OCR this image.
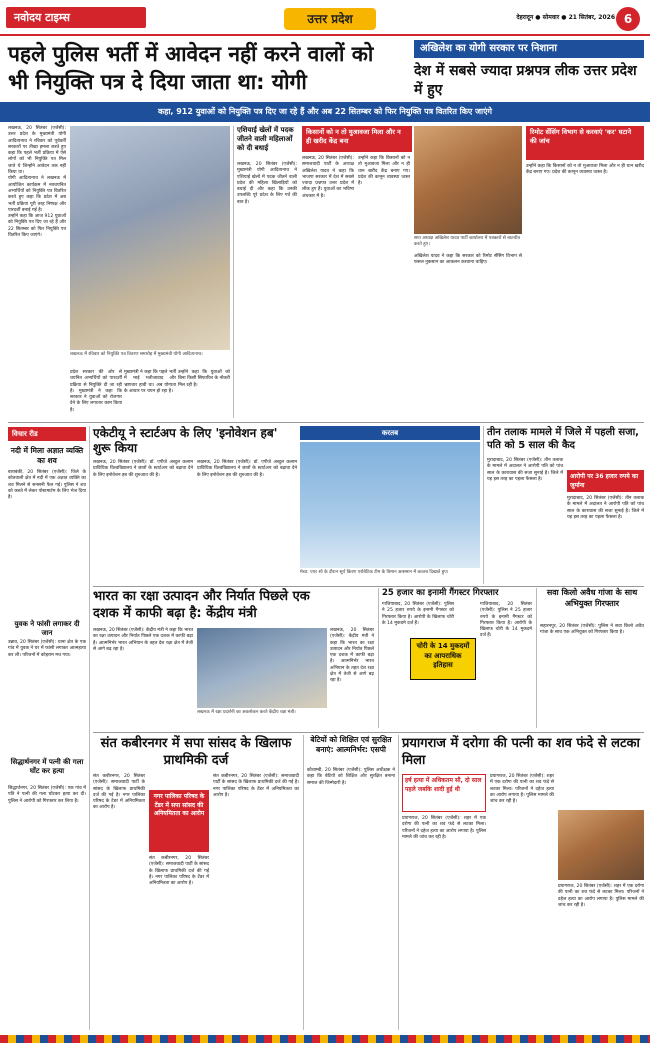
नवोदय टाइम्स	उत्तर प्रदेश	देहरादून ● सोमवार ● 21 सितंबर, 2026 6
पहले पुलिस भर्ती में आवेदन नहीं करने वालों को भी नियुक्ति पत्र दे दिया जाता था: योगी
अखिलेश का योगी सरकार पर निशाना
देश में सबसे ज्यादा प्रश्नपत्र लीक उत्तर प्रदेश में हुए
कहा, 912 युवाओं को नियुक्ति पत्र दिए जा रहे हैं और अब 22 सितम्बर को फिर नियुक्ति पत्र वितरित किए जाएंगे
लखनऊ, 20 सितंबर (एजेंसी): उत्तर प्रदेश के मुख्यमंत्री योगी आदित्यनाथ ने रविवार को पूर्ववर्ती सरकारों पर तीखा हमला करते हुए कहा कि पहले भर्ती प्रक्रिया में ऐसे लोगों को भी नियुक्ति पत्र मिल जाते थे जिन्होंने आवेदन तक नहीं किया था।
योगी आदित्यनाथ ने लखनऊ में आयोजित कार्यक्रम में नवचयनित अभ्यर्थियों को नियुक्ति पत्र वितरित करते हुए कहा कि प्रदेश में अब भर्ती प्रक्रिया पूरी तरह निष्पक्ष और पारदर्शी बनाई गई है।
उन्होंने कहा कि आज 912 युवाओं को नियुक्ति पत्र दिए जा रहे हैं और 22 सितम्बर को फिर नियुक्ति पत्र वितरित किए जाएंगे।
लखनऊ में रविवार को नियुक्ति पत्र वितरण समारोह में मुख्यमंत्री योगी आदित्यनाथ।
प्रदेश सरकार की ओर से चयनित अभ्यर्थियों को पारदर्शी प्रक्रिया से नियुक्ति दी जा रही है। मुख्यमंत्री ने कहा कि सरकार ने युवाओं को रोजगार देने के लिए लगातार काम किया है।
मुख्यमंत्री ने कहा कि पहले भर्ती में भाई भतीजावाद और भ्रष्टाचार हावी था। अब योग्यता के आधार पर चयन हो रहा है।
उन्होंने कहा कि युवाओं को बिना किसी सिफारिश के नौकरी मिल रही है।
एशियाई खेलों में पदक जीतने वाली महिलाओं को दी बधाई
लखनऊ, 20 सितंबर (एजेंसी): मुख्यमंत्री योगी आदित्यनाथ ने एशियाई खेलों में पदक जीतने वाली प्रदेश की महिला खिलाड़ियों को बधाई दी और कहा कि उनकी उपलब्धि पूरे प्रदेश के लिए गर्व की बात है।
किसानों को न तो मुआवजा मिला और न ही खरीद केंद्र बना
लखनऊ, 20 सितंबर (एजेंसी): समाजवादी पार्टी के अध्यक्ष अखिलेश यादव ने कहा कि भाजपा सरकार में देश में सबसे ज्यादा प्रश्नपत्र उत्तर प्रदेश में लीक हुए हैं। युवाओं का भविष्य अंधकार में है।
उन्होंने कहा कि किसानों को न तो मुआवजा मिला और न ही धान खरीद केंद्र बनाए गए। प्रदेश की कानून व्यवस्था ध्वस्त है।
सपा अध्यक्ष अखिलेश यादव पार्टी कार्यालय में पत्रकारों से बातचीत करते हुए।
अखिलेश यादव ने कहा कि सरकार को रिमोट सेंसिंग विभाग से फसल नुकसान का आकलन करवाना चाहिए।
रिमोट सेंसिंग विभाग से करवाएं 'कर' घटाने की जांच
उन्होंने कहा कि किसानों को न तो मुआवजा मिला और न ही धान खरीद केंद्र बनाए गए। प्रदेश की कानून व्यवस्था ध्वस्त है।
विचार रीड
नदी में मिला अज्ञात व्यक्ति का शव
बाराबंकी, 20 सितंबर (एजेंसी): जिले के कोतवाली क्षेत्र में नदी में एक अज्ञात व्यक्ति का शव मिलने से सनसनी फैल गई। पुलिस ने शव को कब्जे में लेकर पोस्टमार्टम के लिए भेज दिया है।
युवक ने फांसी लगाकर दी जान
उन्नाव, 20 सितंबर (एजेंसी): थाना क्षेत्र के एक गांव में युवक ने घर में फांसी लगाकर आत्महत्या कर ली। परिजनों में कोहराम मच गया।
सिद्धार्थनगर में पत्नी की गला घोंट कर हत्या
सिद्धार्थनगर, 20 सितंबर (एजेंसी): एक गांव में पति ने पत्नी की गला घोंटकर हत्या कर दी। पुलिस ने आरोपी को गिरफ्तार कर लिया है।
एकेटीयू ने स्टार्टअप के लिए 'इनोवेशन हब' शुरू किया
लखनऊ, 20 सितंबर (एजेंसी): डॉ. एपीजे अब्दुल कलाम प्राविधिक विश्वविद्यालय ने छात्रों के स्टार्टअप को बढ़ावा देने के लिए इनोवेशन हब की शुरुआत की है।
लखनऊ, 20 सितंबर (एजेंसी): डॉ. एपीजे अब्दुल कलाम प्राविधिक विश्वविद्यालय ने छात्रों के स्टार्टअप को बढ़ावा देने के लिए इनोवेशन हब की शुरुआत की है।
करतब
मेरठ: एयर शो के दौरान सूर्य किरण एरोबेटिक टीम के विमान आसमान में करतब दिखाते हुए।
तीन तलाक मामले में जिले में पहली सजा, पति को 5 साल की कैद
मुरादाबाद, 20 सितंबर (एजेंसी): तीन तलाक के मामले में अदालत ने आरोपी पति को पांच साल के कारावास की सजा सुनाई है। जिले में यह इस तरह का पहला फैसला है।	आरोपी पर 36 हजार रुपये का जुर्माना
मुरादाबाद, 20 सितंबर (एजेंसी): तीन तलाक के मामले में अदालत ने आरोपी पति को पांच साल के कारावास की सजा सुनाई है। जिले में यह इस तरह का पहला फैसला है।
भारत का रक्षा उत्पादन और निर्यात पिछले एक दशक में काफी बढ़ा है: केंद्रीय मंत्री
लखनऊ, 20 सितंबर (एजेंसी): केंद्रीय मंत्री ने कहा कि भारत का रक्षा उत्पादन और निर्यात पिछले एक दशक में काफी बढ़ा है। आत्मनिर्भर भारत अभियान के तहत देश रक्षा क्षेत्र में तेजी से आगे बढ़ रहा है।
लखनऊ में रक्षा प्रदर्शनी का अवलोकन करते केंद्रीय रक्षा मंत्री।
लखनऊ, 20 सितंबर (एजेंसी): केंद्रीय मंत्री ने कहा कि भारत का रक्षा उत्पादन और निर्यात पिछले एक दशक में काफी बढ़ा है। आत्मनिर्भर भारत अभियान के तहत देश रक्षा क्षेत्र में तेजी से आगे बढ़ रहा है।
25 हजार का इनामी गैंगस्टर गिरफ्तार
गाजियाबाद, 20 सितंबर (एजेंसी): पुलिस ने 25 हजार रुपये के इनामी गैंगस्टर को गिरफ्तार किया है। आरोपी के खिलाफ चोरी के 14 मुकदमे दर्ज हैं।
चोरी के 14 मुकदमों का आपराधिक इतिहास
गाजियाबाद, 20 सितंबर (एजेंसी): पुलिस ने 25 हजार रुपये के इनामी गैंगस्टर को गिरफ्तार किया है। आरोपी के खिलाफ चोरी के 14 मुकदमे दर्ज हैं।
सवा किलो अवैध गांजा के साथ अभियुक्त गिरफ्तार
सहारनपुर, 20 सितंबर (एजेंसी): पुलिस ने सवा किलो अवैध गांजा के साथ एक अभियुक्त को गिरफ्तार किया है।
संत कबीरनगर में सपा सांसद के खिलाफ प्राथमिकी दर्ज
संत कबीरनगर, 20 सितंबर (एजेंसी): समाजवादी पार्टी के सांसद के खिलाफ प्राथमिकी दर्ज की गई है। नगर पालिका परिषद के टेंडर में अनियमितता का आरोप है।
नगर पालिका परिषद के टेंडर में सपा सांसद की अनियमितता का आरोप
संत कबीरनगर, 20 सितंबर (एजेंसी): समाजवादी पार्टी के सांसद के खिलाफ प्राथमिकी दर्ज की गई है। नगर पालिका परिषद के टेंडर में अनियमितता का आरोप है।
संत कबीरनगर, 20 सितंबर (एजेंसी): समाजवादी पार्टी के सांसद के खिलाफ प्राथमिकी दर्ज की गई है। नगर पालिका परिषद के टेंडर में अनियमितता का आरोप है।
बेटियों को शिक्षित एवं सुरक्षित बनाएं: आत्मनिर्भर: एसपी
कौशाम्बी, 20 सितंबर (एजेंसी): पुलिस अधीक्षक ने कहा कि बेटियों को शिक्षित और सुरक्षित बनाना समाज की जिम्मेदारी है।
प्रयागराज में दरोगा की पत्नी का शव फंदे से लटका मिला
हर्ष हत्या में अधिकतम सौ, दो साल पहले जबकि शादी हुई थी
प्रयागराज, 20 सितंबर (एजेंसी): शहर में एक दरोगा की पत्नी का शव फंदे से लटका मिला। परिजनों ने दहेज हत्या का आरोप लगाया है। पुलिस मामले की जांच कर रही है।
प्रयागराज, 20 सितंबर (एजेंसी): शहर में एक दरोगा की पत्नी का शव फंदे से लटका मिला। परिजनों ने दहेज हत्या का आरोप लगाया है। पुलिस मामले की जांच कर रही है।
प्रयागराज, 20 सितंबर (एजेंसी): शहर में एक दरोगा की पत्नी का शव फंदे से लटका मिला। परिजनों ने दहेज हत्या का आरोप लगाया है। पुलिस मामले की जांच कर रही है।
